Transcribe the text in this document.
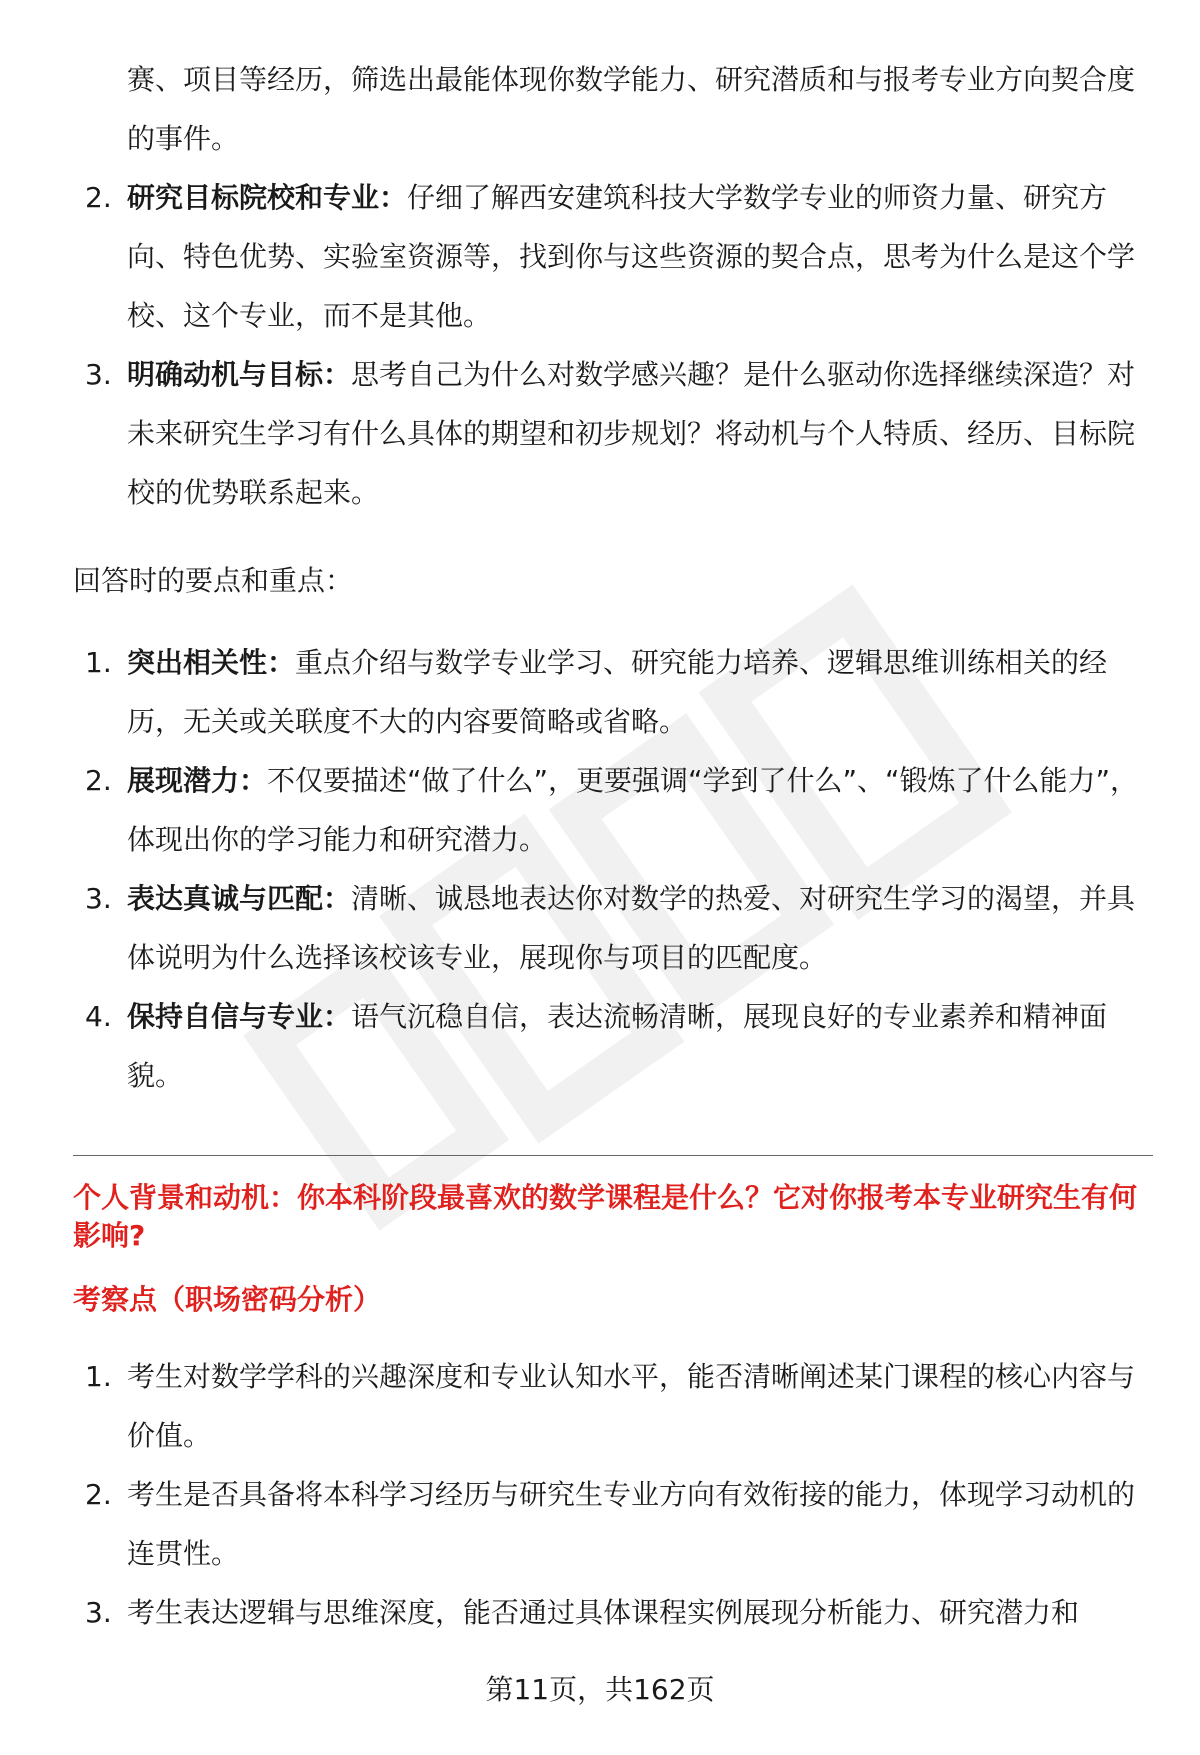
赛、项目等经历，筛选出最能体现你数学能力、研究潜质和与报考专业方向契合度的事件。
2. 研究目标院校和专业：仔细了解西安建筑科技大学数学专业的师资力量、研究方向、特色优势、实验室资源等，找到你与这些资源的契合点，思考为什么是这个学校、这个专业，而不是其他。
3. 明确动机与目标：思考自己为什么对数学感兴趣？是什么驱动你选择继续深造？对未来研究生学习有什么具体的期望和初步规划？将动机与个人特质、经历、目标院校的优势联系起来。

回答时的要点和重点：

1. 突出相关性：重点介绍与数学专业学习、研究能力培养、逻辑思维训练相关的经历，无关或关联度不大的内容要简略或省略。
2. 展现潜力：不仅要描述“做了什么”，更要强调“学到了什么”、“锻炼了什么能力”，体现出你的学习能力和研究潜力。
3. 表达真诚与匹配：清晰、诚恳地表达你对数学的热爱、对研究生学习的渴望，并具体说明为什么选择该校该专业，展现你与项目的匹配度。
4. 保持自信与专业：语气沉稳自信，表达流畅清晰，展现良好的专业素养和精神面貌。

个人背景和动机：你本科阶段最喜欢的数学课程是什么？它对你报考本专业研究生有何影响?

考察点（职场密码分析）

1. 考生对数学学科的兴趣深度和专业认知水平，能否清晰阐述某门课程的核心内容与价值。
2. 考生是否具备将本科学习经历与研究生专业方向有效衔接的能力，体现学习动机的连贯性。
3. 考生表达逻辑与思维深度，能否通过具体课程实例展现分析能力、研究潜力和
第11页，共162页
